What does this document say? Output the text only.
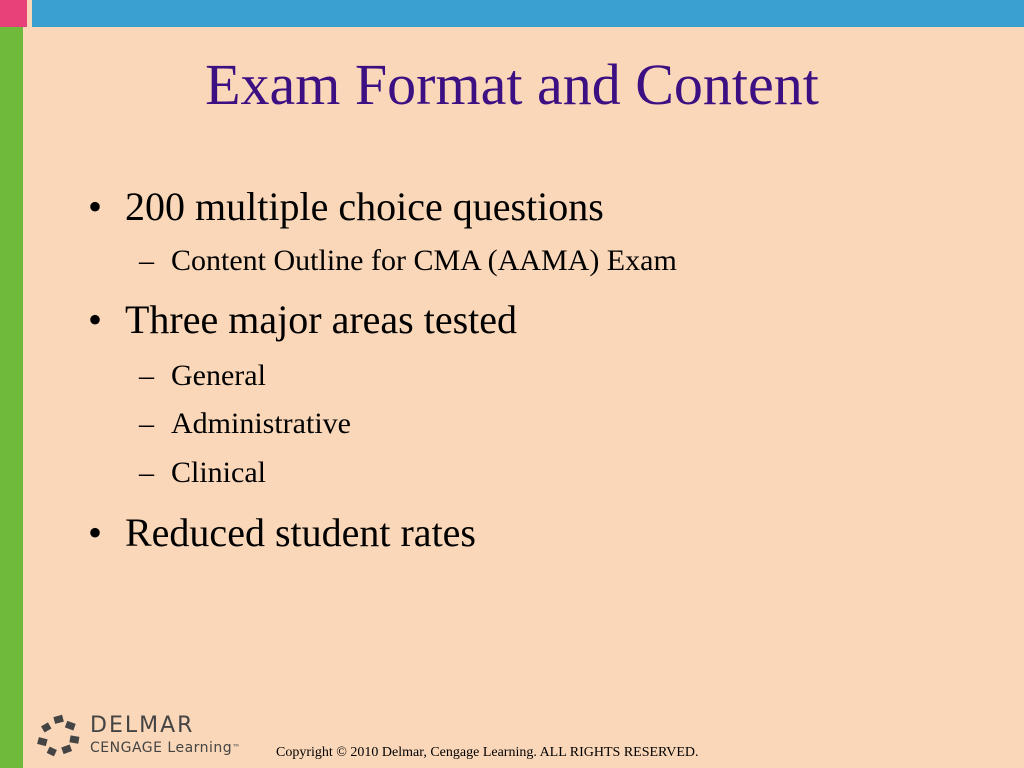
Exam Format and Content
• 200 multiple choice questions
– Content Outline for CMA (AAMA) Exam
• Three major areas tested
– General
– Administrative
– Clinical
• Reduced student rates
DELMAR
CENGAGE Learning™	Copyright © 2010 Delmar, Cengage Learning. ALL RIGHTS RESERVED.
